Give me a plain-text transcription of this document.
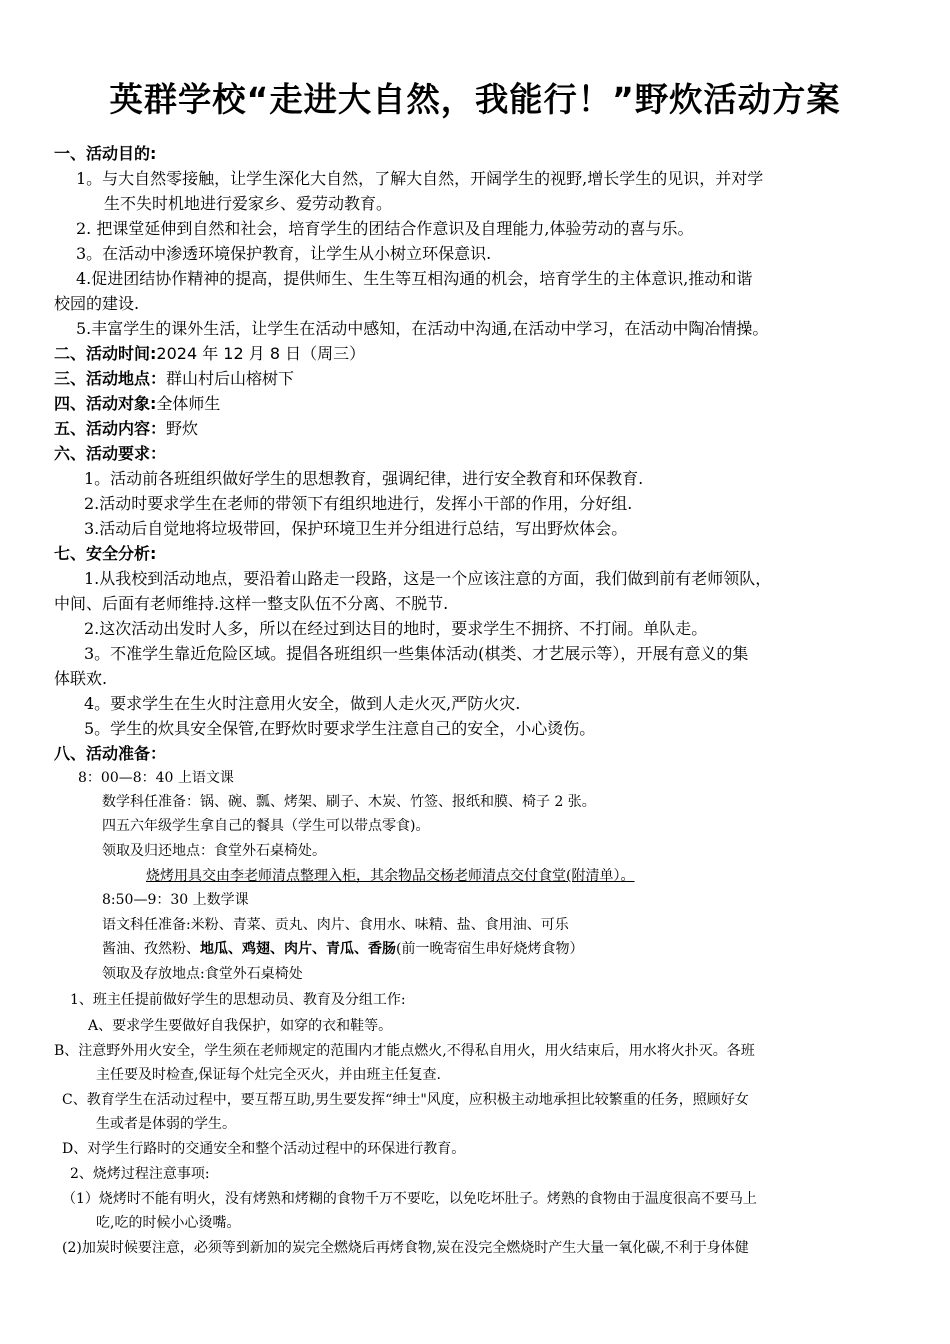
英群学校“走进大自然，我能行！”野炊活动方案
一、活动目的:
1。与大自然零接触，让学生深化大自然，了解大自然，开阔学生的视野,增长学生的见识，并对学
生不失时机地进行爱家乡、爱劳动教育。
2. 把课堂延伸到自然和社会，培育学生的团结合作意识及自理能力,体验劳动的喜与乐。
3。在活动中渗透环境保护教育，让学生从小树立环保意识.
4.促进团结协作精神的提高，提供师生、生生等互相沟通的机会，培育学生的主体意识,推动和谐
校园的建设.
5.丰富学生的课外生活，让学生在活动中感知，在活动中沟通,在活动中学习，在活动中陶冶情操。
二、活动时间:2024 年 12 月 8 日（周三）
三、活动地点：群山村后山榕树下
四、活动对象:全体师生
五、活动内容：野炊
六、活动要求：
1。活动前各班组织做好学生的思想教育，强调纪律，进行安全教育和环保教育.
2.活动时要求学生在老师的带领下有组织地进行，发挥小干部的作用，分好组.
3.活动后自觉地将垃圾带回，保护环境卫生并分组进行总结，写出野炊体会。
七、安全分析:
1.从我校到活动地点，要沿着山路走一段路，这是一个应该注意的方面，我们做到前有老师领队，
中间、后面有老师维持.这样一整支队伍不分离、不脱节.
2.这次活动出发时人多，所以在经过到达目的地时，要求学生不拥挤、不打闹。单队走。
3。不准学生靠近危险区域。提倡各班组织一些集体活动(棋类、才艺展示等），开展有意义的集
体联欢.
4。要求学生在生火时注意用火安全，做到人走火灭,严防火灾.
5。学生的炊具安全保管,在野炊时要求学生注意自己的安全，小心烫伤。
八、活动准备：
8：00—8：40 上语文课
数学科任准备：锅、碗、瓢、烤架、刷子、木炭、竹签、报纸和膜、椅子 2 张。
四五六年级学生拿自己的餐具（学生可以带点零食)。
领取及归还地点：食堂外石桌椅处。
烧烤用具交由李老师清点整理入柜，其余物品交杨老师清点交付食堂(附清单）。
8:50—9：30 上数学课
语文科任准备:米粉、青菜、贡丸、肉片、食用水、味精、盐、食用油、可乐
酱油、孜然粉、地瓜、鸡翅、肉片、青瓜、香肠(前一晚寄宿生串好烧烤食物）
领取及存放地点:食堂外石桌椅处
1、班主任提前做好学生的思想动员、教育及分组工作:
A、要求学生要做好自我保护，如穿的衣和鞋等。
B、注意野外用火安全，学生须在老师规定的范围内才能点燃火,不得私自用火，用火结束后，用水将火扑灭。各班
主任要及时检查,保证每个灶完全灭火，并由班主任复查.
C、教育学生在活动过程中，要互帮互助,男生要发挥“绅士"风度，应积极主动地承担比较繁重的任务，照顾好女
生或者是体弱的学生。
D、对学生行路时的交通安全和整个活动过程中的环保进行教育。
2、烧烤过程注意事项:
（1）烧烤时不能有明火，没有烤熟和烤糊的食物千万不要吃，以免吃坏肚子。烤熟的食物由于温度很高不要马上
吃,吃的时候小心烫嘴。
(2)加炭时候要注意，必须等到新加的炭完全燃烧后再烤食物,炭在没完全燃烧时产生大量一氧化碳,不利于身体健
